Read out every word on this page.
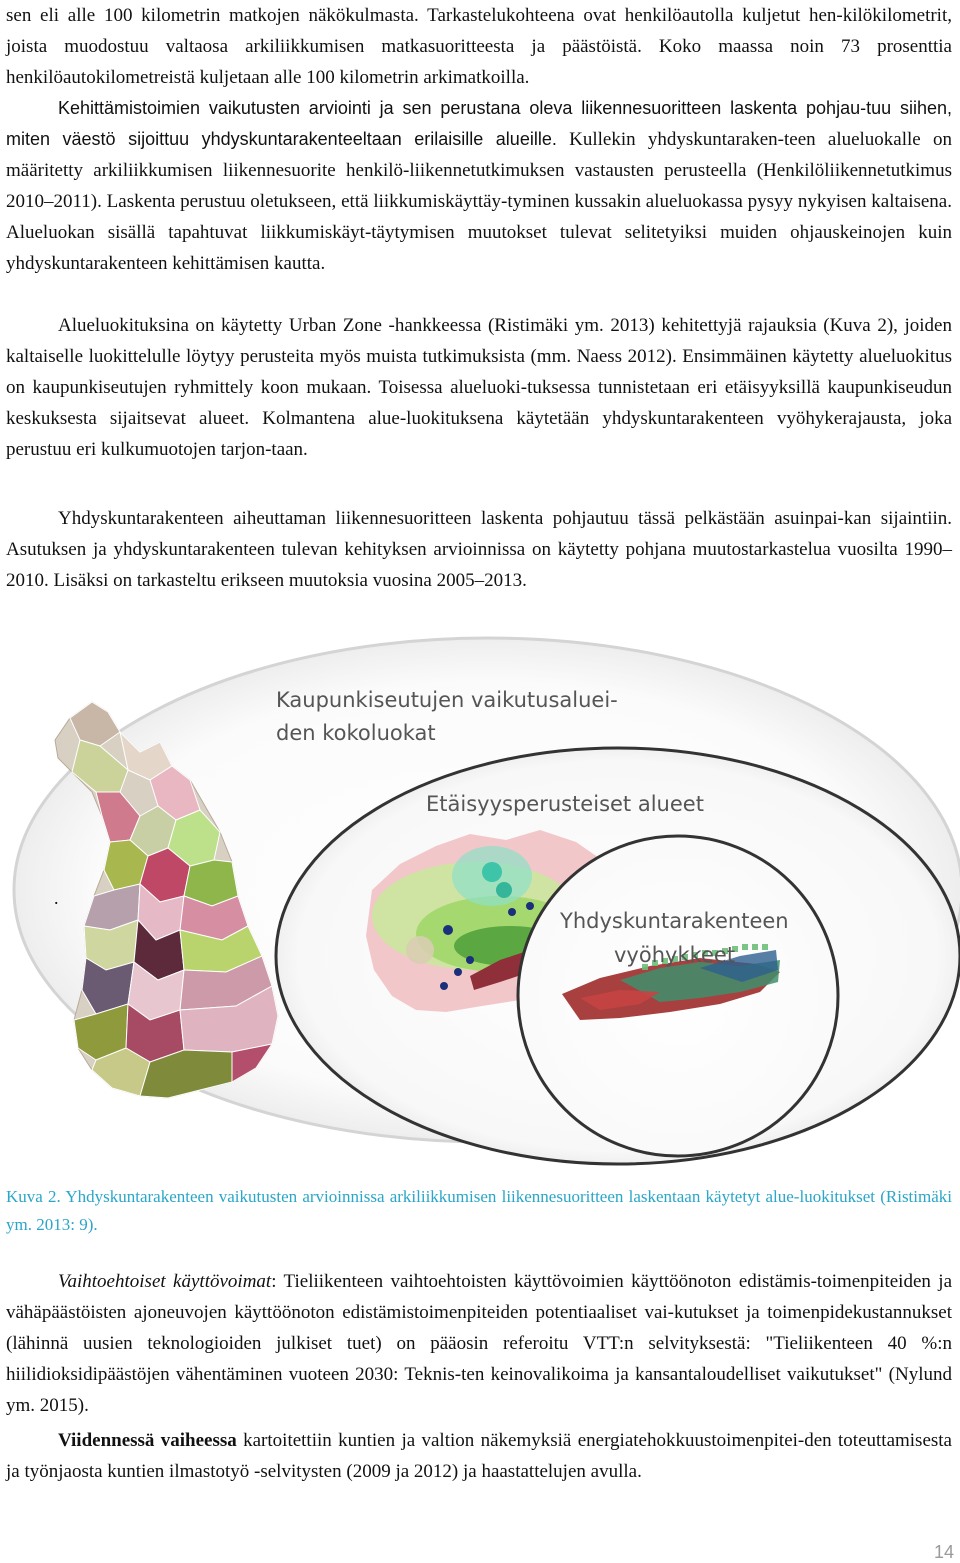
sen eli alle 100 kilometrin matkojen näkökulmasta. Tarkastelukohteena ovat henkilöautolla kuljetut hen-kilökilometrit, joista muodostuu valtaosa arkiliikkumisen matkasuoritteesta ja päästöistä. Koko maassa noin 73 prosenttia henkilöautokilometreistä kuljetaan alle 100 kilometrin arkimatkoilla.

Kehittämistoimien vaikutusten arviointi ja sen perustana oleva liikennesuoritteen laskenta pohjau-tuu siihen, miten väestö sijoittuu yhdyskuntarakenteeltaan erilaisille alueille. Kullekin yhdyskuntaraken-teen alueluokalle on määritetty arkiliikkumisen liikennesuorite henkilö-liikennetutkimuksen vastausten perusteella (Henkilöliikennetutkimus 2010–2011). Laskenta perustuu oletukseen, että liikkumiskäyttäy-tyminen kussakin alueluokassa pysyy nykyisen kaltaisena. Alueluokan sisällä tapahtuvat liikkumiskäyt-täytymisen muutokset tulevat selitetyiksi muiden ohjauskeinojen kuin yhdyskuntarakenteen kehittämisen kautta.

Alueluokituksina on käytetty Urban Zone -hankkeessa (Ristimäki ym. 2013) kehitettyjä rajauksia (Kuva 2), joiden kaltaiselle luokittelulle löytyy perusteita myös muista tutkimuksista (mm. Naess 2012). Ensimmäinen käytetty alueluokitus on kaupunkiseutujen ryhmittely koon mukaan. Toisessa alueluoki-tuksessa tunnistetaan eri etäisyyksillä kaupunkiseudun keskuksesta sijaitsevat alueet. Kolmantena alue-luokituksena käytetään yhdyskuntarakenteen vyöhykerajausta, joka perustuu eri kulkumuotojen tarjon-taan.

Yhdyskuntarakenteen aiheuttaman liikennesuoritteen laskenta pohjautuu tässä pelkästään asuinpai-kan sijaintiin. Asutuksen ja yhdyskuntarakenteen tulevan kehityksen arvioinnissa on käytetty pohjana muutostarkastelua vuosilta 1990–2010. Lisäksi on tarkasteltu erikseen muutoksia vuosina 2005–2013.

Kaupunkiseutujen vaikutusaluei-
den kokoluokat
Etäisyysperusteiset alueet
Yhdyskuntarakenteen
vyöhykkeet
.

Kuva 2. Yhdyskuntarakenteen vaikutusten arvioinnissa arkiliikkumisen liikennesuoritteen laskentaan käytetyt alue-luokitukset (Ristimäki ym. 2013: 9).

Vaihtoehtoiset käyttövoimat: Tieliikenteen vaihtoehtoisten käyttövoimien käyttöönoton edistämis-toimenpiteiden ja vähäpäästöisten ajoneuvojen käyttöönoton edistämistoimenpiteiden potentiaaliset vai-kutukset ja toimenpidekustannukset (lähinnä uusien teknologioiden julkiset tuet) on pääosin referoitu VTT:n selvityksestä: "Tieliikenteen 40 %:n hiilidioksidipäästöjen vähentäminen vuoteen 2030: Teknis-ten keinovalikoima ja kansantaloudelliset vaikutukset" (Nylund ym. 2015).

Viidennessä vaiheessa kartoitettiin kuntien ja valtion näkemyksiä energiatehokkuustoimenpitei-den toteuttamisesta ja työnjaosta kuntien ilmastotyö -selvitysten (2009 ja 2012) ja haastattelujen avulla.

14
